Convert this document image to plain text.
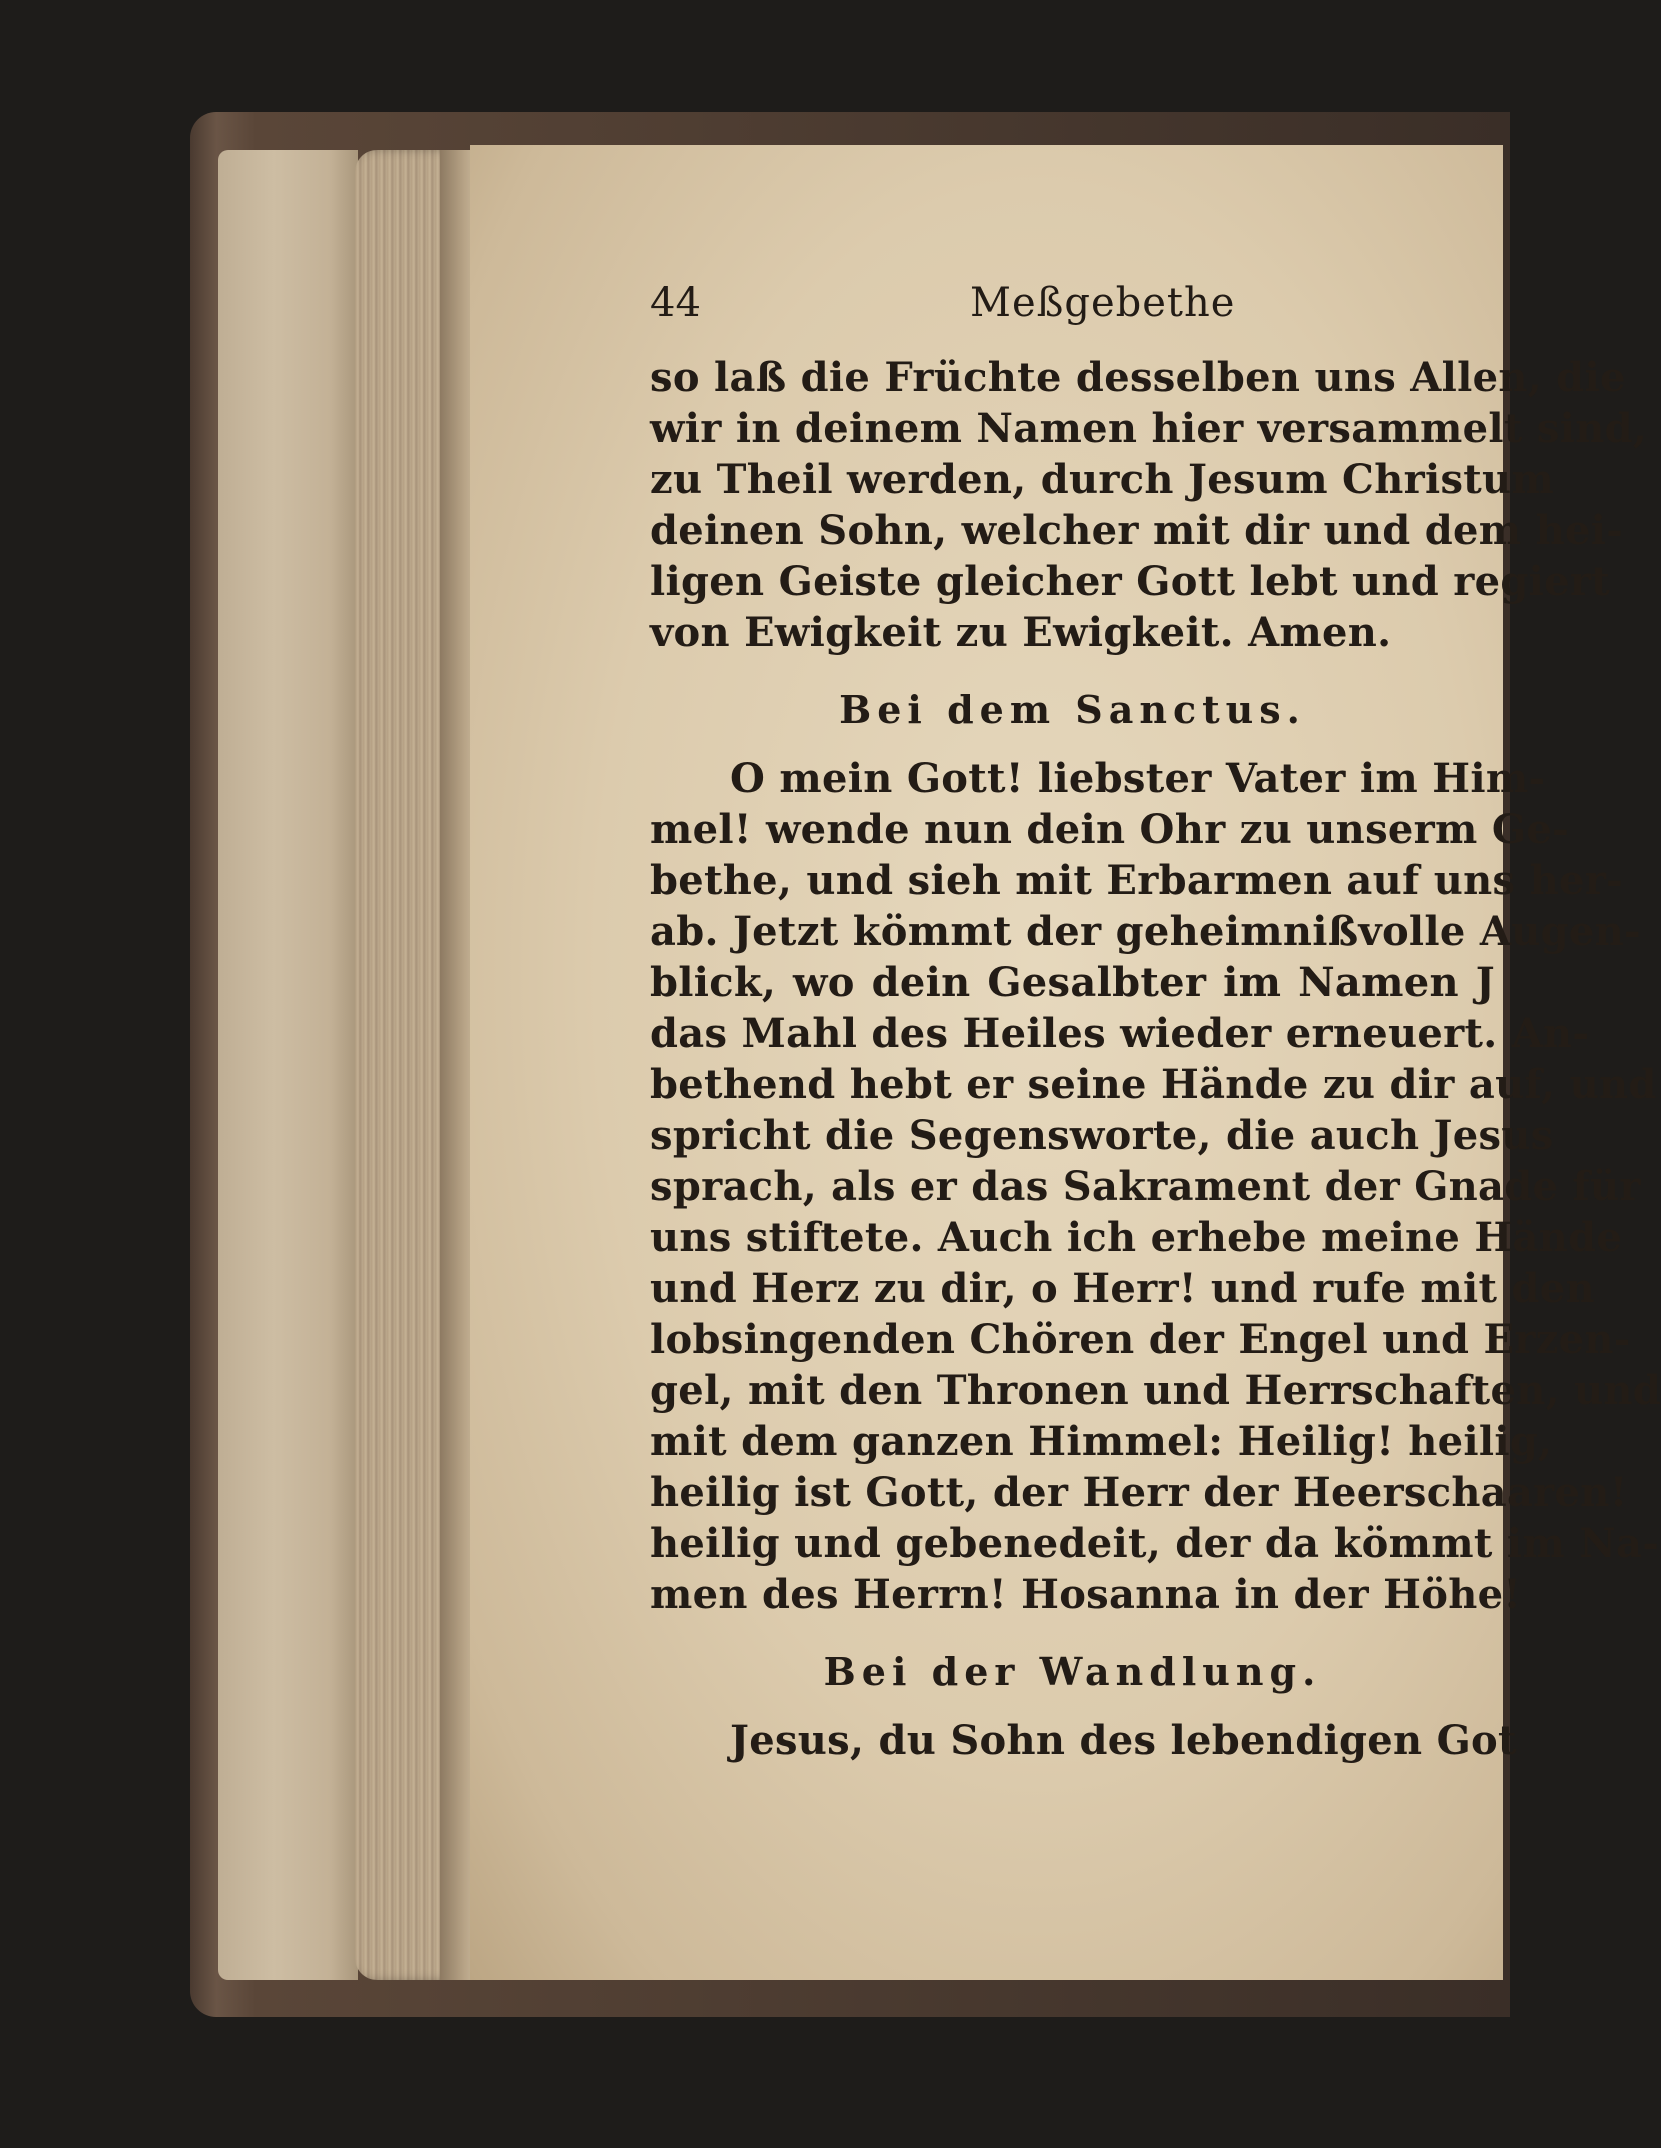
44	Meßgebethe
so laß die Früchte desselben uns Allen, die
wir in deinem Namen hier versammelt sind,
zu Theil werden, durch Jesum Christum
deinen Sohn, welcher mit dir und dem hei-
ligen Geiste gleicher Gott lebt und regiert
von Ewigkeit zu Ewigkeit. Amen.
Bei dem Sanctus.
O mein Gott! liebster Vater im Him-
mel! wende nun dein Ohr zu unserm Ge-
bethe, und sieh mit Erbarmen auf uns her-
ab. Jetzt kömmt der geheimnißvolle Augen-
blick, wo dein Gesalbter im Namen J
das Mahl des Heiles wieder erneuert. An-
bethend hebt er seine Hände zu dir auf, und
spricht die Segensworte, die auch Jesus
sprach, als er das Sakrament der Gnade für
uns stiftete. Auch ich erhebe meine Hände
und Herz zu dir, o Herr! und rufe mit den
lobsingenden Chören der Engel und Erzen-
gel, mit den Thronen und Herrschaften, und
mit dem ganzen Himmel: Heilig! heilig,
heilig ist Gott, der Herr der Heerschaaren!
heilig und gebenedeit, der da kömmt im Na-
men des Herrn! Hosanna in der Höhe!
Bei der Wandlung.
Jesus, du Sohn des lebendigen Got
